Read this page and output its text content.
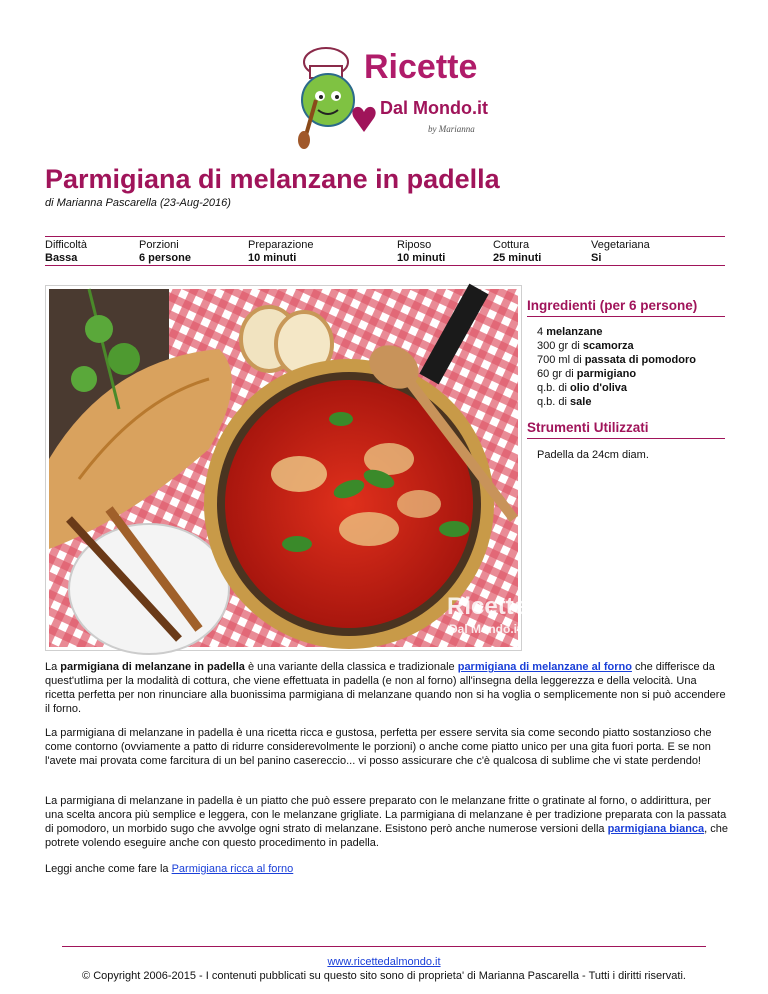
Ricette
Dal Mondo.it
by Marianna
Parmigiana di melanzane in padella
di Marianna Pascarella (23-Aug-2016)
Difficoltà
Bassa
Porzioni
6 persone
Preparazione
10 minuti
Riposo
10 minuti
Cottura
25 minuti
Vegetariana
Si
Ricette
Dal Mondo.it
Ingredienti (per 6 persone)
4 melanzane
300 gr di scamorza
700 ml di passata di pomodoro
60 gr di parmigiano
q.b. di olio d'oliva
q.b. di sale
Strumenti Utilizzati
Padella da 24cm diam.

La parmigiana di melanzane in padella è una variante della classica e tradizionale parmigiana di melanzane al forno che differisce da quest'utlima per la modalità di cottura, che viene effettuata in padella (e non al forno) all'insegna della leggerezza e della velocità. Una ricetta perfetta per non rinunciare alla buonissima parmigiana di melanzane quando non si ha voglia o semplicemente non si può accendere il forno.

La parmigiana di melanzane in padella è una ricetta ricca e gustosa, perfetta per essere servita sia come secondo piatto sostanzioso che come contorno (ovviamente a patto di ridurre considerevolmente le porzioni) o anche come piatto unico per una gita fuori porta. E se non l'avete mai provata come farcitura di un bel panino casereccio... vi posso assicurare che c'è qualcosa di sublime che vi state perdendo!

La parmigiana di melanzane in padella è un piatto che può essere preparato con le melanzane fritte o gratinate al forno, o addirittura, per una scelta ancora più semplice e leggera, con le melanzane grigliate. La parmigiana di melanzane è per tradizione preparata con la passata di pomodoro, un morbido sugo che avvolge ogni strato di melanzane. Esistono però anche numerose versioni della parmigiana bianca, che potrete volendo eseguire anche con questo procedimento in padella.

Leggi anche come fare la Parmigiana ricca al forno

www.ricettedalmondo.it
© Copyright 2006-2015 - I contenuti pubblicati su questo sito sono di proprieta' di Marianna Pascarella - Tutti i diritti riservati.
